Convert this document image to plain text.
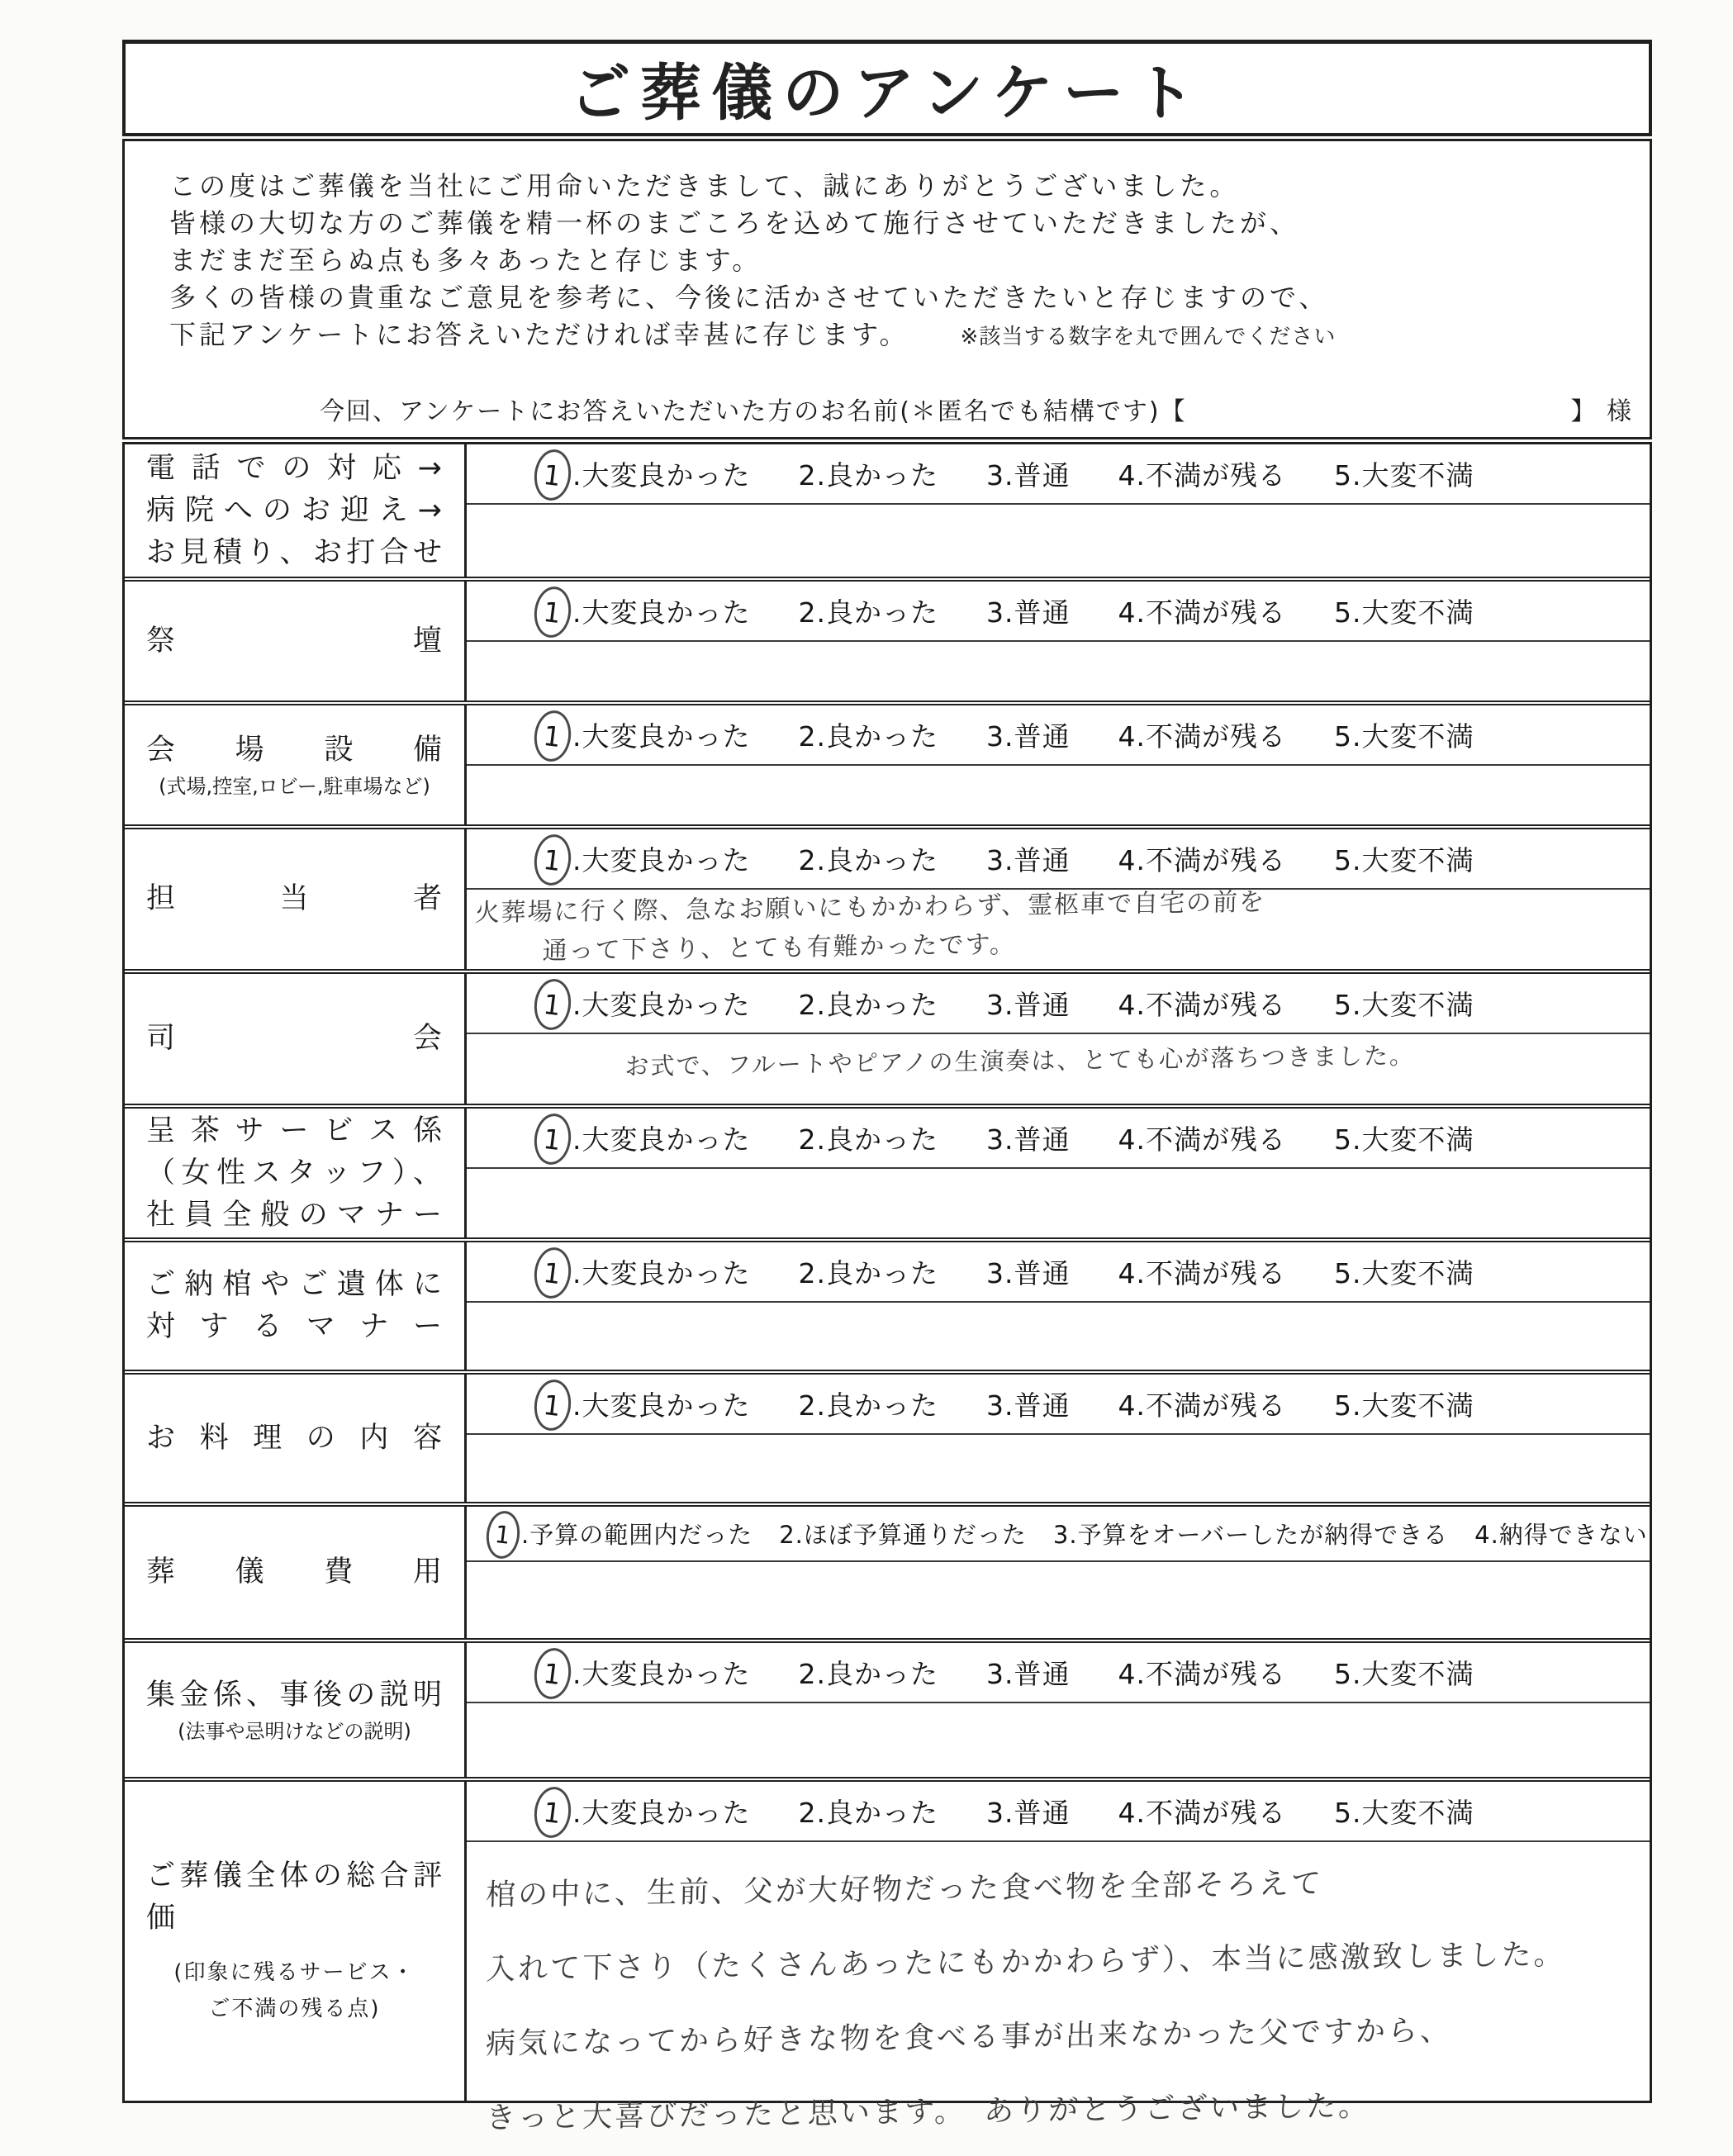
ご葬儀のアンケート
この度はご葬儀を当社にご用命いただきまして、誠にありがとうございました。
皆様の大切な方のご葬儀を精一杯のまごころを込めて施行させていただきましたが、
まだまだ至らぬ点も多々あったと存じます。
多くの皆様の貴重なご意見を参考に、今後に活かさせていただきたいと存じますので、
下記アンケートにお答えいただければ幸甚に存じます。 ※該当する数字を丸で囲んでください
今回、アンケートにお答えいただいた方のお名前(＊匿名でも結構です)【	】 様
電話での対応→
病院へのお迎え→
お見積り、お打合せ
1 .大変良かった 2.良かった 3.普通 4.不満が残る 5.大変不満
祭壇
1 .大変良かった 2.良かった 3.普通 4.不満が残る 5.大変不満
会場設備
(式場,控室,ロビー,駐車場など)
1 .大変良かった 2.良かった 3.普通 4.不満が残る 5.大変不満
担当者
1 .大変良かった 2.良かった 3.普通 4.不満が残る 5.大変不満
火葬場に行く際、急なお願いにもかかわらず、霊柩車で自宅の前を
通って下さり、とても有難かったです。
司会
1 .大変良かった 2.良かった 3.普通 4.不満が残る 5.大変不満
お式で、フルートやピアノの生演奏は、とても心が落ちつきました。
呈茶サービス係
（女性スタッフ）、
社員全般のマナー
1 .大変良かった 2.良かった 3.普通 4.不満が残る 5.大変不満
ご納棺やご遺体に
対するマナー
1 .大変良かった 2.良かった 3.普通 4.不満が残る 5.大変不満
お料理の内容
1 .大変良かった 2.良かった 3.普通 4.不満が残る 5.大変不満
葬儀費用
1 .予算の範囲内だった 2.ほぼ予算通りだった 3.予算をオーバーしたが納得できる 4.納得できない
集金係、事後の説明
(法事や忌明けなどの説明)
1 .大変良かった 2.良かった 3.普通 4.不満が残る 5.大変不満
ご葬儀全体の総合評価
(印象に残るサービス・
ご不満の残る点)
1 .大変良かった 2.良かった 3.普通 4.不満が残る 5.大変不満
棺の中に、生前、父が大好物だった食べ物を全部そろえて
入れて下さり（たくさんあったにもかかわらず）、本当に感激致しました。
病気になってから好きな物を食べる事が出来なかった父ですから、
きっと大喜びだったと思います。　ありがとうございました。
